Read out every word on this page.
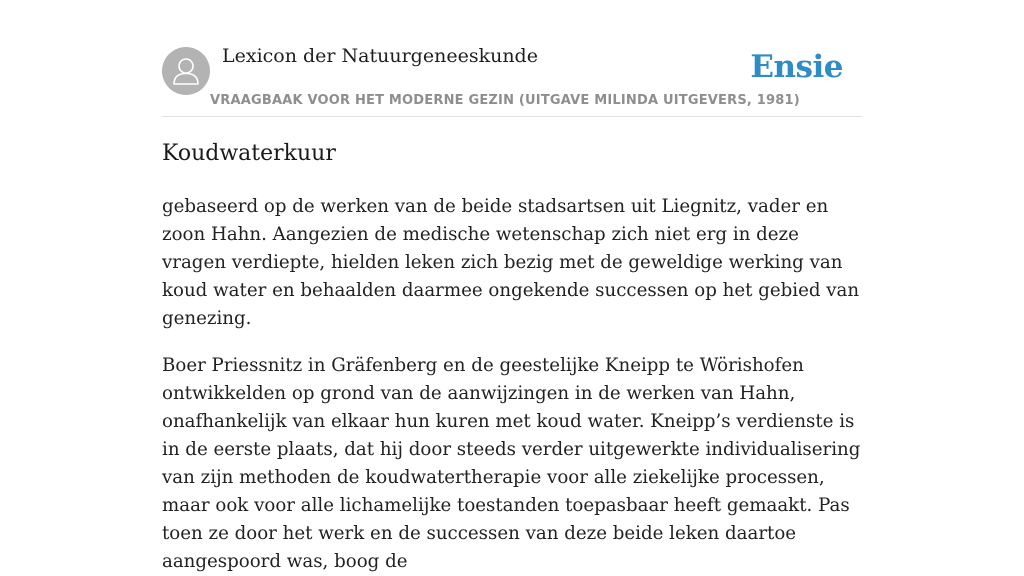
Lexicon der Natuurgeneeskunde
VRAAGBAAK VOOR HET MODERNE GEZIN (UITGAVE MILINDA UITGEVERS, 1981)
Ensie
Koudwaterkuur

gebaseerd op de werken van de beide stadsartsen uit Liegnitz, vader en zoon Hahn. Aangezien de medische wetenschap zich niet erg in deze vragen verdiepte, hielden leken zich bezig met de geweldige werking van koud water en behaalden daarmee ongekende successen op het gebied van genezing.

Boer Priessnitz in Gräfenberg en de geestelijke Kneipp te Wörishofen ontwikkelden op grond van de aanwijzingen in de werken van Hahn, onafhankelijk van elkaar hun kuren met koud water. Kneipp’s verdienste is in de eerste plaats, dat hij door steeds verder uitgewerkte individualisering van zijn methoden de koudwatertherapie voor alle ziekelijke processen, maar ook voor alle lichamelijke toestanden toepasbaar heeft gemaakt. Pas toen ze door het werk en de successen van deze beide leken daartoe aangespoord was, boog de
